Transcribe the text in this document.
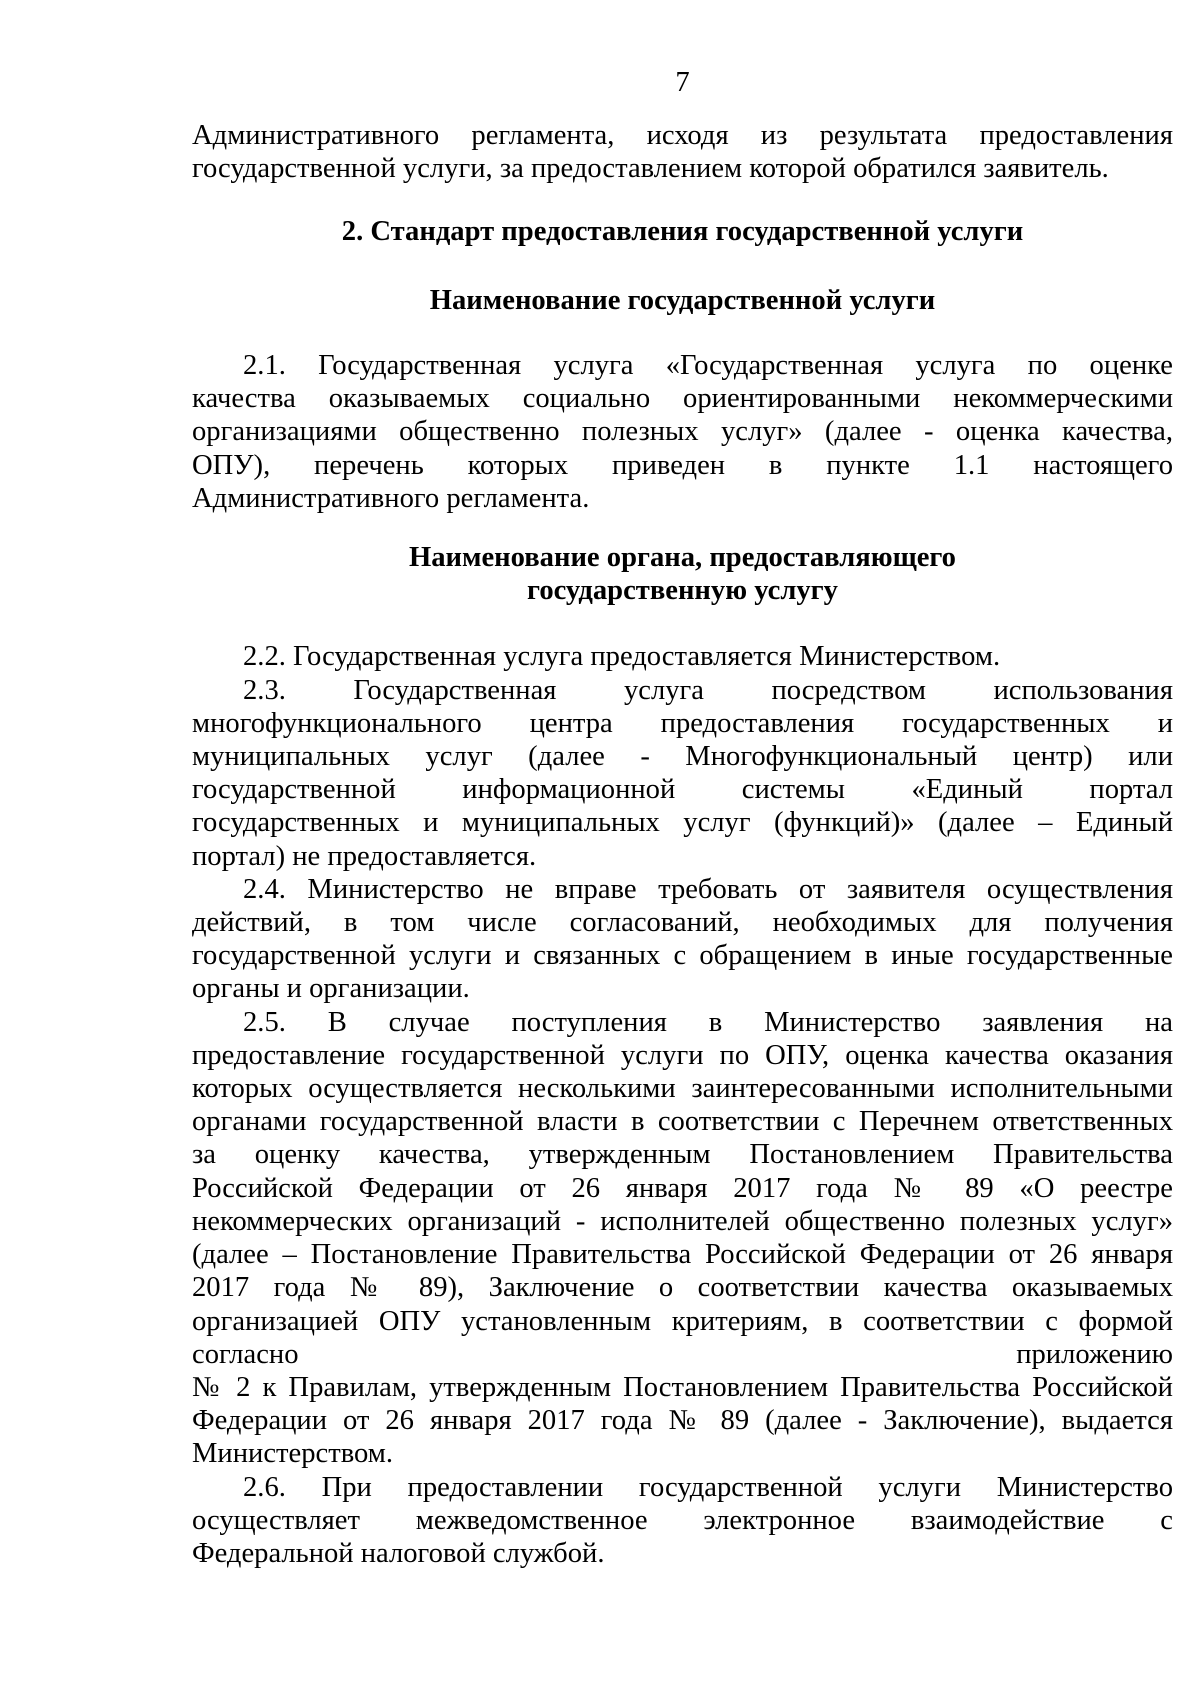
7
Административного регламента, исходя из результата предоставления
государственной услуги, за предоставлением которой обратился заявитель.
2. Стандарт предоставления государственной услуги
Наименование государственной услуги
2.1. Государственная услуга «Государственная услуга по оценке
качества оказываемых социально ориентированными некоммерческими
организациями общественно полезных услуг» (далее - оценка качества,
ОПУ), перечень которых приведен в пункте 1.1 настоящего
Административного регламента.
Наименование органа, предоставляющего
государственную услугу
2.2. Государственная услуга предоставляется Министерством.
2.3. Государственная услуга посредством использования
многофункционального центра предоставления государственных и
муниципальных услуг (далее - Многофункциональный центр) или
государственной информационной системы «Единый портал
государственных и муниципальных услуг (функций)» (далее – Единый
портал) не предоставляется.
2.4. Министерство не вправе требовать от заявителя осуществления
действий, в том числе согласований, необходимых для получения
государственной услуги и связанных с обращением в иные государственные
органы и организации.
2.5. В случае поступления в Министерство заявления на
предоставление государственной услуги по ОПУ, оценка качества оказания
которых осуществляется несколькими заинтересованными исполнительными
органами государственной власти в соответствии с Перечнем ответственных
за оценку качества, утвержденным Постановлением Правительства
Российской Федерации от 26 января 2017 года № 89 «О реестре
некоммерческих организаций - исполнителей общественно полезных услуг»
(далее – Постановление Правительства Российской Федерации от 26 января
2017 года № 89), Заключение о соответствии качества оказываемых
организацией ОПУ установленным критериям, в соответствии с формой
согласно приложению
№ 2 к Правилам, утвержденным Постановлением Правительства Российской
Федерации от 26 января 2017 года № 89 (далее - Заключение), выдается
Министерством.
2.6. При предоставлении государственной услуги Министерство
осуществляет межведомственное электронное взаимодействие с
Федеральной налоговой службой.
